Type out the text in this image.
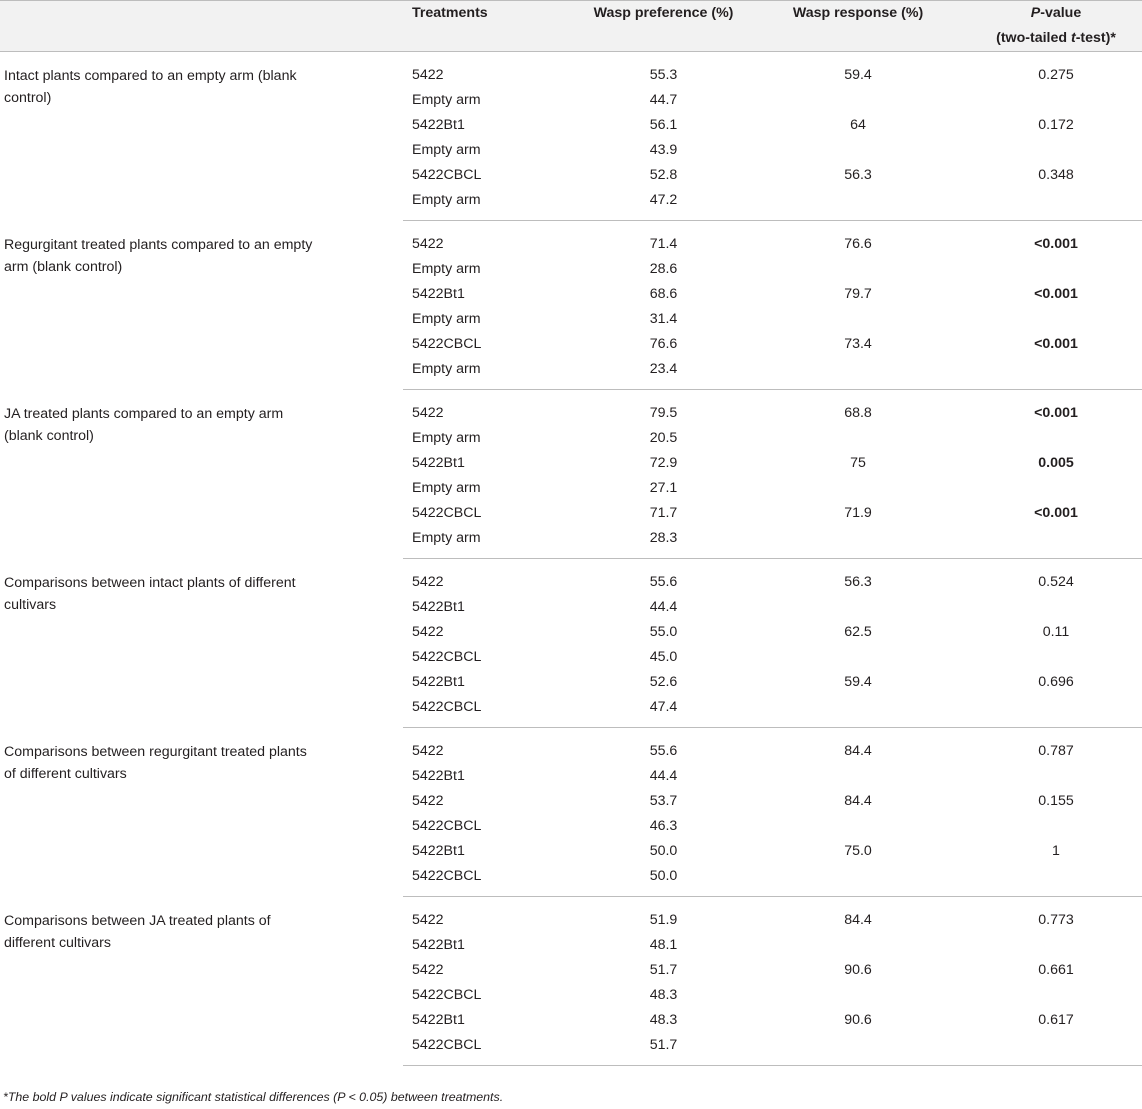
	Treatments	Wasp preference (%)	Wasp response (%)	P-value
(two-tailed t-test)*
Intact plants compared to an empty arm (blank control)	5422	55.3	59.4	0.275
	Empty arm	44.7		
	5422Bt1	56.1	64	0.172
	Empty arm	43.9		
	5422CBCL	52.8	56.3	0.348
	Empty arm	47.2		
Regurgitant treated plants compared to an empty arm (blank control)	5422	71.4	76.6	<0.001
	Empty arm	28.6		
	5422Bt1	68.6	79.7	<0.001
	Empty arm	31.4		
	5422CBCL	76.6	73.4	<0.001
	Empty arm	23.4		
JA treated plants compared to an empty arm (blank control)	5422	79.5	68.8	<0.001
	Empty arm	20.5		
	5422Bt1	72.9	75	0.005
	Empty arm	27.1		
	5422CBCL	71.7	71.9	<0.001
	Empty arm	28.3		
Comparisons between intact plants of different cultivars	5422	55.6	56.3	0.524
	5422Bt1	44.4		
	5422	55.0	62.5	0.11
	5422CBCL	45.0		
	5422Bt1	52.6	59.4	0.696
	5422CBCL	47.4		
Comparisons between regurgitant treated plants of different cultivars	5422	55.6	84.4	0.787
	5422Bt1	44.4		
	5422	53.7	84.4	0.155
	5422CBCL	46.3		
	5422Bt1	50.0	75.0	1
	5422CBCL	50.0		
Comparisons between JA treated plants of different cultivars	5422	51.9	84.4	0.773
	5422Bt1	48.1		
	5422	51.7	90.6	0.661
	5422CBCL	48.3		
	5422Bt1	48.3	90.6	0.617
	5422CBCL	51.7		
*The bold P values indicate significant statistical differences (P < 0.05) between treatments.
